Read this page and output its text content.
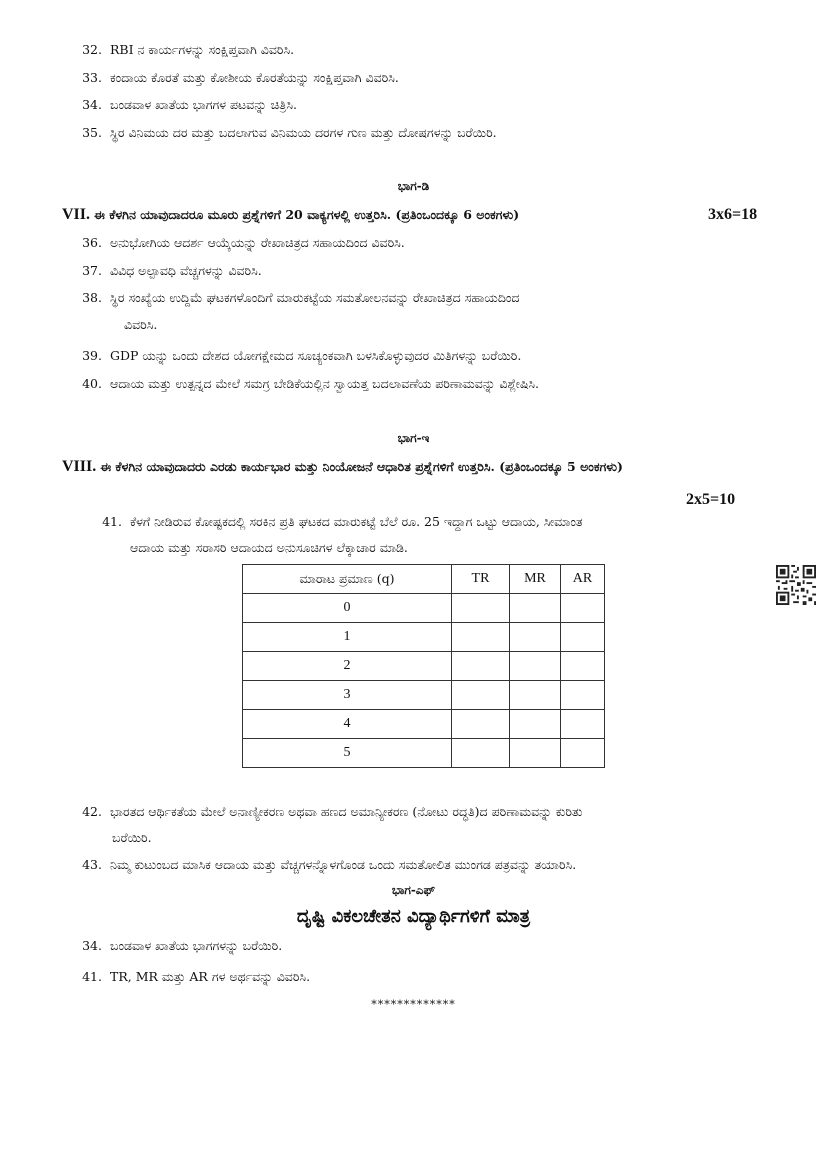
32. RBI ನ ಕಾರ್ಯಗಳನ್ನು ಸಂಕ್ಷಿಪ್ತವಾಗಿ ವಿವರಿಸಿ.
33. ಕಂದಾಯ ಕೊರತೆ ಮತ್ತು ಕೋಶೀಯ ಕೊರತೆಯನ್ನು ಸಂಕ್ಷಿಪ್ತವಾಗಿ ವಿವರಿಸಿ.
34. ಬಂಡವಾಳ ಖಾತೆಯ ಭಾಗಗಳ ಪಟವನ್ನು ಚಿತ್ರಿಸಿ.
35. ಸ್ಥಿರ ವಿನಿಮಯ ದರ ಮತ್ತು ಬದಲಾಗುವ ವಿನಿಮಯ ದರಗಳ ಗುಣ ಮತ್ತು ದೋಷಗಳನ್ನು ಬರೆಯಿರಿ.
ಭಾಗ-ಡಿ
VII. ಈ ಕೆಳಗಿನ ಯಾವುದಾದರೂ ಮೂರು ಪ್ರಶ್ನೆಗಳಿಗೆ 20 ವಾಕ್ಯಗಳಲ್ಲಿ ಉತ್ತರಿಸಿ. (ಪ್ರತಿಂಒಂದಕ್ಕೂ 6 ಅಂಕಗಳು)	3x6=18
36. ಅನುಭೋಗಿಯ ಆದರ್ಶ ಆಯ್ಕೆಯನ್ನು ರೇಖಾಚಿತ್ರದ ಸಹಾಯದಿಂದ ವಿವರಿಸಿ.
37. ವಿವಿಧ ಅಲ್ಪಾವಧಿ ವೆಚ್ಚಗಳನ್ನು ವಿವರಿಸಿ.
38. ಸ್ಥಿರ ಸಂಖ್ಯೆಯ ಉದ್ದಿಮೆ ಘಟಕಗಳೊಂದಿಗೆ ಮಾರುಕಟ್ಟೆಯ ಸಮತೋಲನವನ್ನು ರೇಖಾಚಿತ್ರದ ಸಹಾಯದಿಂದ
ವಿವರಿಸಿ.
39. GDP ಯನ್ನು ಒಂದು ದೇಶದ ಯೋಗಕ್ಷೇಮದ ಸೂಚ್ಯಂಕವಾಗಿ ಬಳಸಿಕೊಳ್ಳುವುದರ ಮಿತಿಗಳನ್ನು ಬರೆಯಿರಿ.
40. ಆದಾಯ ಮತ್ತು ಉತ್ಪನ್ನದ ಮೇಲೆ ಸಮಗ್ರ ಬೇಡಿಕೆಯಲ್ಲಿನ ಸ್ವಾಯತ್ತ ಬದಲಾವಣೆಯ ಪರಿಣಾಮವನ್ನು ವಿಶ್ಲೇಷಿಸಿ.
ಭಾಗ-ಇ
VIII. ಈ ಕೆಳಗಿನ ಯಾವುದಾದರು ಎರಡು ಕಾರ್ಯಭಾರ ಮತ್ತು ನಿಂಯೋಜನೆ ಆಧಾರಿತ ಪ್ರಶ್ನೆಗಳಿಗೆ ಉತ್ತರಿಸಿ. (ಪ್ರತಿಂಒಂದಕ್ಕೂ 5 ಅಂಕಗಳು)
2x5=10
41. ಕೆಳಗೆ ನೀಡಿರುವ ಕೋಷ್ಟಕದಲ್ಲಿ ಸರಕಿನ ಪ್ರತಿ ಘಟಕದ ಮಾರುಕಟ್ಟೆ ಬೆಲೆ ರೂ. 25 ಇದ್ದಾಗ ಒಟ್ಟು ಆದಾಯ, ಸೀಮಾಂತ
ಆದಾಯ ಮತ್ತು ಸರಾಸರಿ ಆದಾಯದ ಅನುಸೂಚಿಗಳ ಲೆಕ್ಕಾಚಾರ ಮಾಡಿ.
ಮಾರಾಟ ಪ್ರಮಾಣ (q)	TR	MR	AR
0			
1			
2			
3			
4			
5			
42. ಭಾರತದ ಆರ್ಥಿಕತೆಯ ಮೇಲೆ ಅನಾಣ್ಯೀಕರಣ ಅಥವಾ ಹಣದ ಅಮಾನ್ಯೀಕರಣ (ನೋಟು ರದ್ಧತಿ)ದ ಪರಿಣಾಮವನ್ನು ಕುರಿತು
ಬರೆಯಿರಿ.
43. ನಿಮ್ಮ ಕುಟುಂಬದ ಮಾಸಿಕ ಆದಾಯ ಮತ್ತು ವೆಚ್ಚಗಳನ್ನೊಳಗೊಂಡ ಒಂದು ಸಮತೋಲಿತ ಮುಂಗಡ ಪತ್ರವನ್ನು ತಯಾರಿಸಿ.
ಭಾಗ-ಎಫ್
ದೃಷ್ಟಿ ವಿಕಲಚೇತನ ವಿದ್ಯಾರ್ಥಿಗಳಿಗೆ ಮಾತ್ರ
34. ಬಂಡವಾಳ ಖಾತೆಯ ಭಾಗಗಳನ್ನು ಬರೆಯಿರಿ.
41. TR, MR ಮತ್ತು AR ಗಳ ಅರ್ಥವನ್ನು ವಿವರಿಸಿ.
*************
